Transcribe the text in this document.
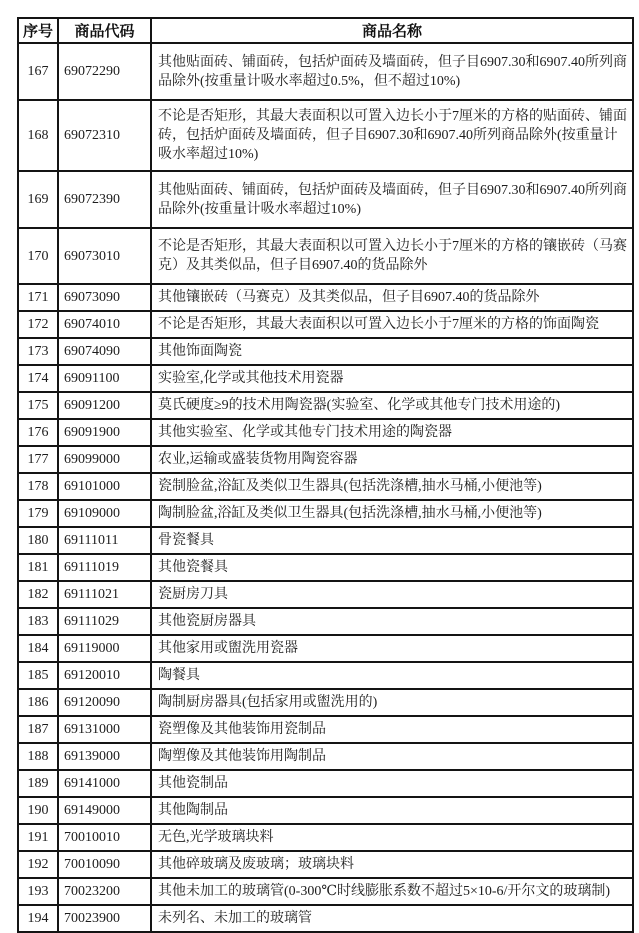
序号	商品代码	商品名称
167	69072290	其他贴面砖、铺面砖，包括炉面砖及墙面砖，但子目6907.30和6907.40所列商品除外(按重量计吸水率超过0.5%，但不超过10%)
168	69072310	不论是否矩形，其最大表面积以可置入边长小于7厘米的方格的贴面砖、铺面砖，包括炉面砖及墙面砖，但子目6907.30和6907.40所列商品除外(按重量计吸水率超过10%)
169	69072390	其他贴面砖、铺面砖，包括炉面砖及墙面砖，但子目6907.30和6907.40所列商品除外(按重量计吸水率超过10%)
170	69073010	不论是否矩形，其最大表面积以可置入边长小于7厘米的方格的镶嵌砖（马赛克）及其类似品，但子目6907.40的货品除外
171	69073090	其他镶嵌砖（马赛克）及其类似品，但子目6907.40的货品除外
172	69074010	不论是否矩形，其最大表面积以可置入边长小于7厘米的方格的饰面陶瓷
173	69074090	其他饰面陶瓷
174	69091100	实验室,化学或其他技术用瓷器
175	69091200	莫氏硬度≥9的技术用陶瓷器(实验室、化学或其他专门技术用途的)
176	69091900	其他实验室、化学或其他专门技术用途的陶瓷器
177	69099000	农业,运输或盛装货物用陶瓷容器
178	69101000	瓷制脸盆,浴缸及类似卫生器具(包括洗涤槽,抽水马桶,小便池等)
179	69109000	陶制脸盆,浴缸及类似卫生器具(包括洗涤槽,抽水马桶,小便池等)
180	69111011	骨瓷餐具
181	69111019	其他瓷餐具
182	69111021	瓷厨房刀具
183	69111029	其他瓷厨房器具
184	69119000	其他家用或盥洗用瓷器
185	69120010	陶餐具
186	69120090	陶制厨房器具(包括家用或盥洗用的)
187	69131000	瓷塑像及其他装饰用瓷制品
188	69139000	陶塑像及其他装饰用陶制品
189	69141000	其他瓷制品
190	69149000	其他陶制品
191	70010010	无色,光学玻璃块料
192	70010090	其他碎玻璃及废玻璃；玻璃块料
193	70023200	其他未加工的玻璃管(0-300℃时线膨胀系数不超过5×10-6/开尔文的玻璃制)
194	70023900	未列名、未加工的玻璃管
